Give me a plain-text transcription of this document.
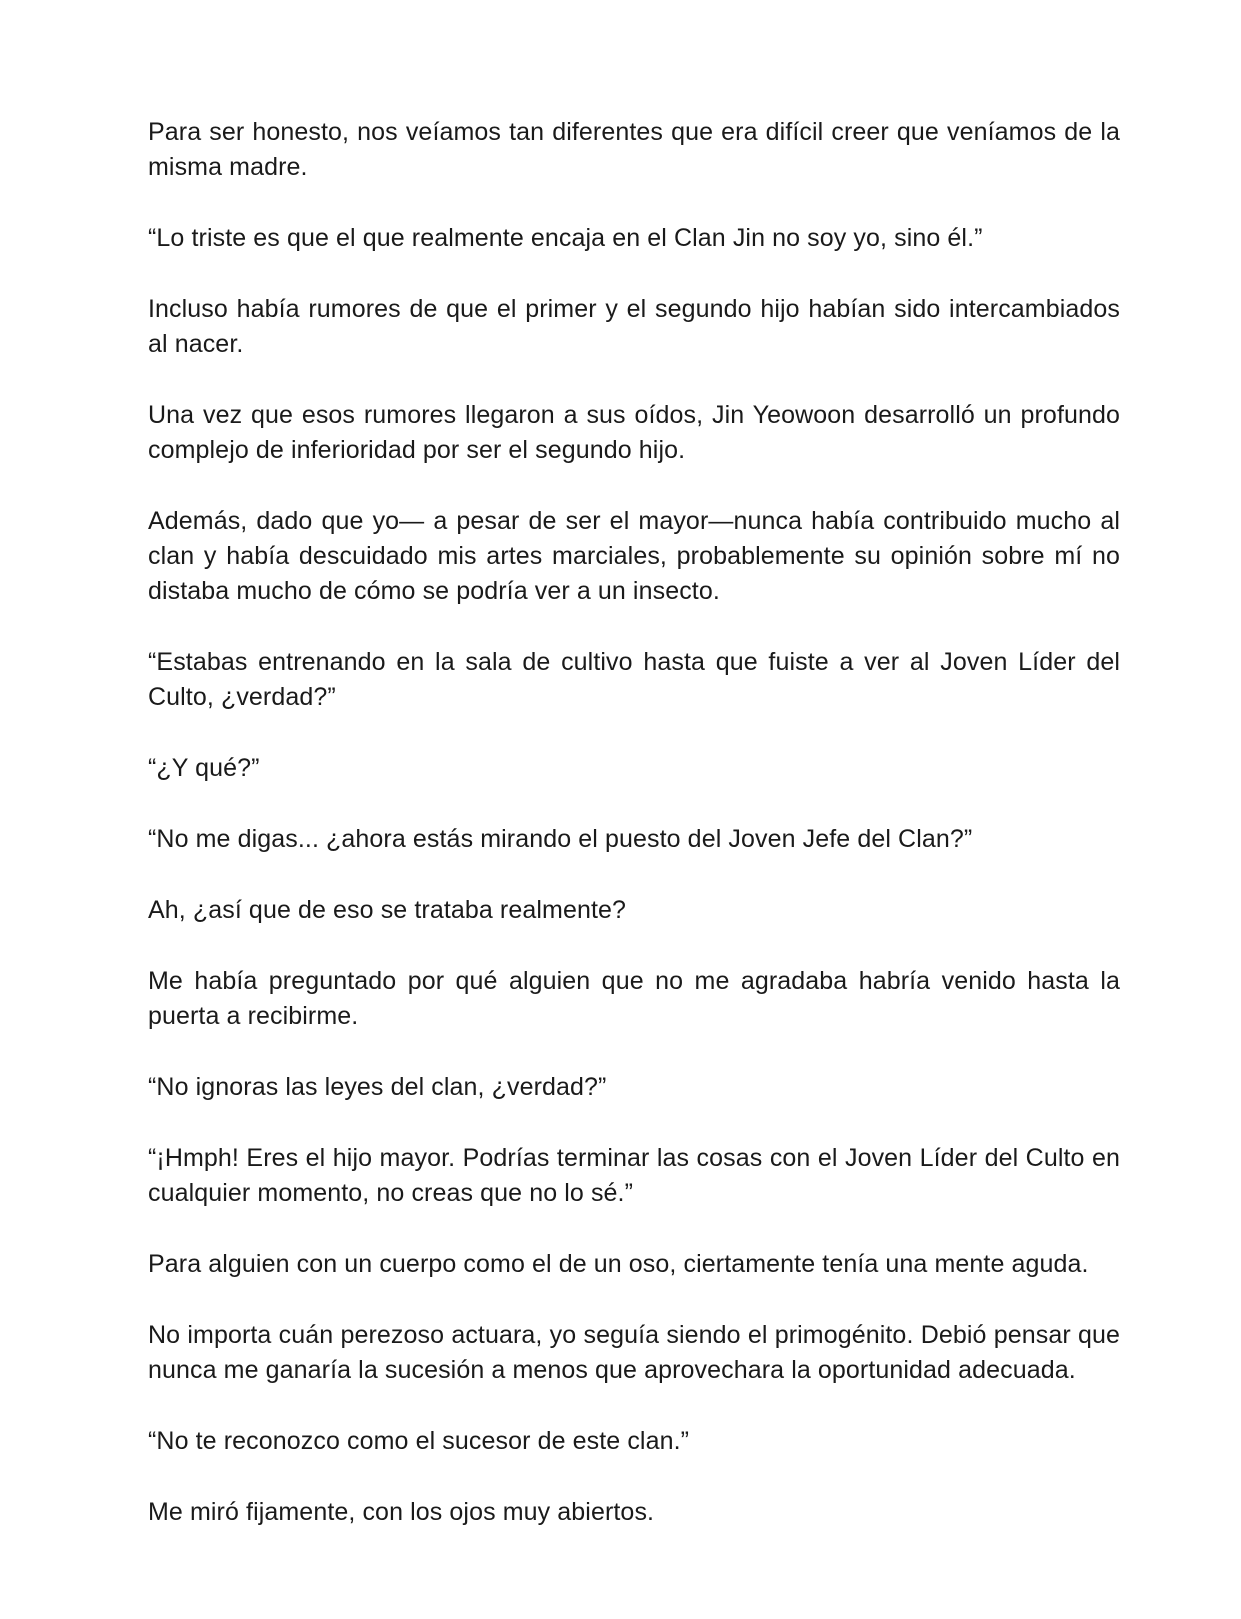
Para ser honesto, nos veíamos tan diferentes que era difícil creer que veníamos de la misma madre.

“Lo triste es que el que realmente encaja en el Clan Jin no soy yo, sino él.”

Incluso había rumores de que el primer y el segundo hijo habían sido intercambiados al nacer.

Una vez que esos rumores llegaron a sus oídos, Jin Yeowoon desarrolló un profundo complejo de inferioridad por ser el segundo hijo.

Además, dado que yo— a pesar de ser el mayor—nunca había contribuido mucho al clan y había descuidado mis artes marciales, probablemente su opinión sobre mí no distaba mucho de cómo se podría ver a un insecto.

“Estabas entrenando en la sala de cultivo hasta que fuiste a ver al Joven Líder del Culto, ¿verdad?”

“¿Y qué?”

“No me digas... ¿ahora estás mirando el puesto del Joven Jefe del Clan?”

Ah, ¿así que de eso se trataba realmente?

Me había preguntado por qué alguien que no me agradaba habría venido hasta la puerta a recibirme.

“No ignoras las leyes del clan, ¿verdad?”

“¡Hmph! Eres el hijo mayor. Podrías terminar las cosas con el Joven Líder del Culto en cualquier momento, no creas que no lo sé.”

Para alguien con un cuerpo como el de un oso, ciertamente tenía una mente aguda.

No importa cuán perezoso actuara, yo seguía siendo el primogénito. Debió pensar que nunca me ganaría la sucesión a menos que aprovechara la oportunidad adecuada.

“No te reconozco como el sucesor de este clan.”

Me miró fijamente, con los ojos muy abiertos.
